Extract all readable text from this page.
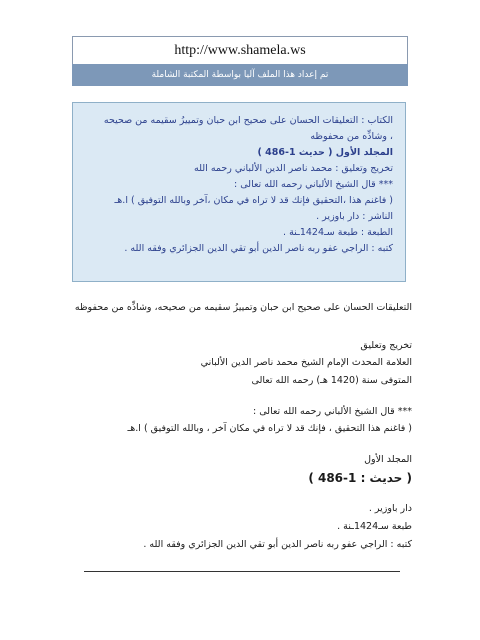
http://www.shamela.ws
تم إعداد هذا الملف آليا بواسطة المكتبة الشاملة
الكتاب : التعليقات الحسان على صحيح ابن حبان وتمييزُ سقيمه من صحيحه
، وشاذِّه من محفوظه
المجلد الأول ( حديث 1-486 )
تخريج وتعليق : محمد ناصر الدين الألباني رحمه الله
*** قال الشيخ الألباني رحمه الله تعالى :
( فاغنم هذا ،التحقيق فإنك قد لا تراه في مكان ،آخر وبالله التوفيق ) ا.هـ
الناشر : دار باوزير .
الطبعة : طبعة سـ1424ـنة .
كتبه : الراجي عفو ربه ناصر الدين أبو تقي الدين الجزائري وفقه الله .
التعليقات الحسان على صحيح ابن حبان وتمييزُ سقيمه من صحيحه، وشاذِّه من محفوظه
تخريج وتعليق
العلامة المحدث الإمام الشيخ محمد ناصر الدين الألباني
المتوفى سنة (1420 هـ) رحمه الله تعالى
*** قال الشيخ الألباني رحمه الله تعالى :
( فاغنم هذا التحقيق ، فإنك قد لا تراه في مكان آخر ، وبالله التوفيق ) ا.هـ
المجلد الأول
( حديث : 1-486 )
دار باوزير .
طبعة سـ1424ـنة .
كتبه : الراجي عفو ربه ناصر الدين أبو تقي الدين الجزائري وفقه الله .
